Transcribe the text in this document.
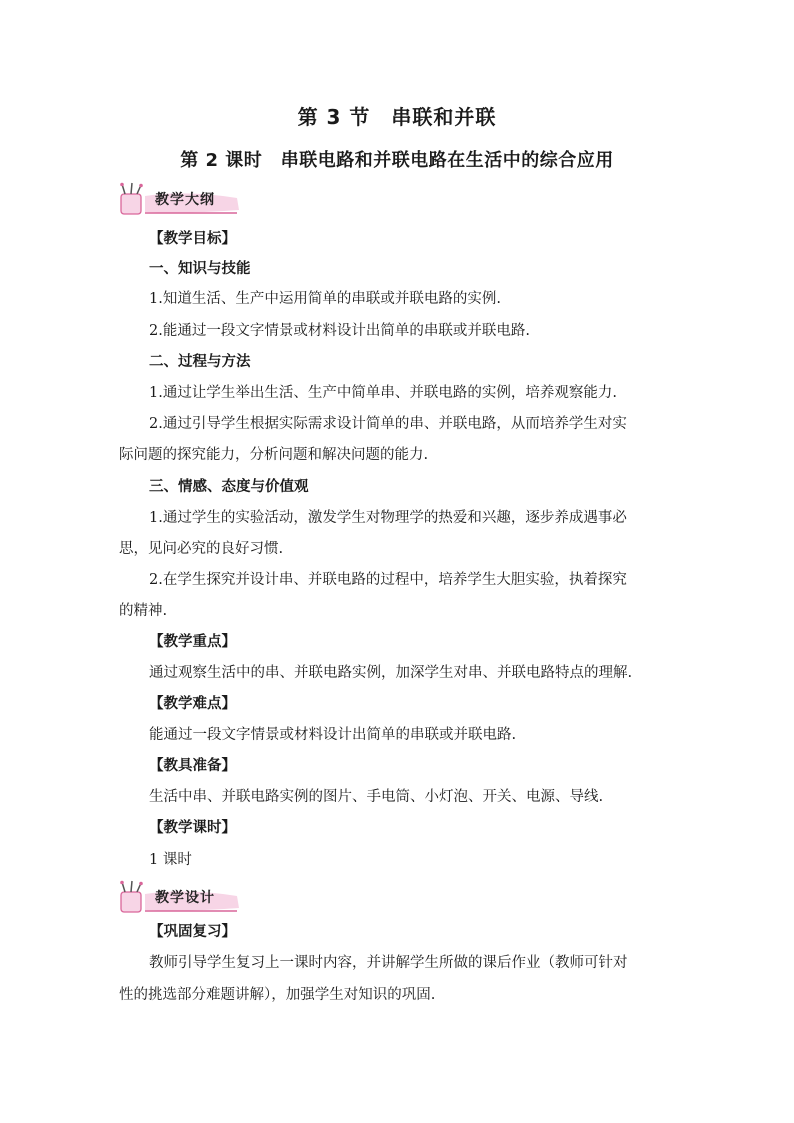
第 3 节　串联和并联
第 2 课时　串联电路和并联电路在生活中的综合应用
教学大纲
【教学目标】
一、知识与技能
1.知道生活、生产中运用简单的串联或并联电路的实例.
2.能通过一段文字情景或材料设计出简单的串联或并联电路.
二、过程与方法
1.通过让学生举出生活、生产中简单串、并联电路的实例，培养观察能力.
2.通过引导学生根据实际需求设计简单的串、并联电路，从而培养学生对实
际问题的探究能力，分析问题和解决问题的能力.
三、情感、态度与价值观
1.通过学生的实验活动，激发学生对物理学的热爱和兴趣，逐步养成遇事必
思，见问必究的良好习惯.
2.在学生探究并设计串、并联电路的过程中，培养学生大胆实验，执着探究
的精神.
【教学重点】
通过观察生活中的串、并联电路实例，加深学生对串、并联电路特点的理解.
【教学难点】
能通过一段文字情景或材料设计出简单的串联或并联电路.
【教具准备】
生活中串、并联电路实例的图片、手电筒、小灯泡、开关、电源、导线.
【教学课时】
1 课时
教学设计
【巩固复习】
教师引导学生复习上一课时内容，并讲解学生所做的课后作业（教师可针对
性的挑选部分难题讲解），加强学生对知识的巩固.
